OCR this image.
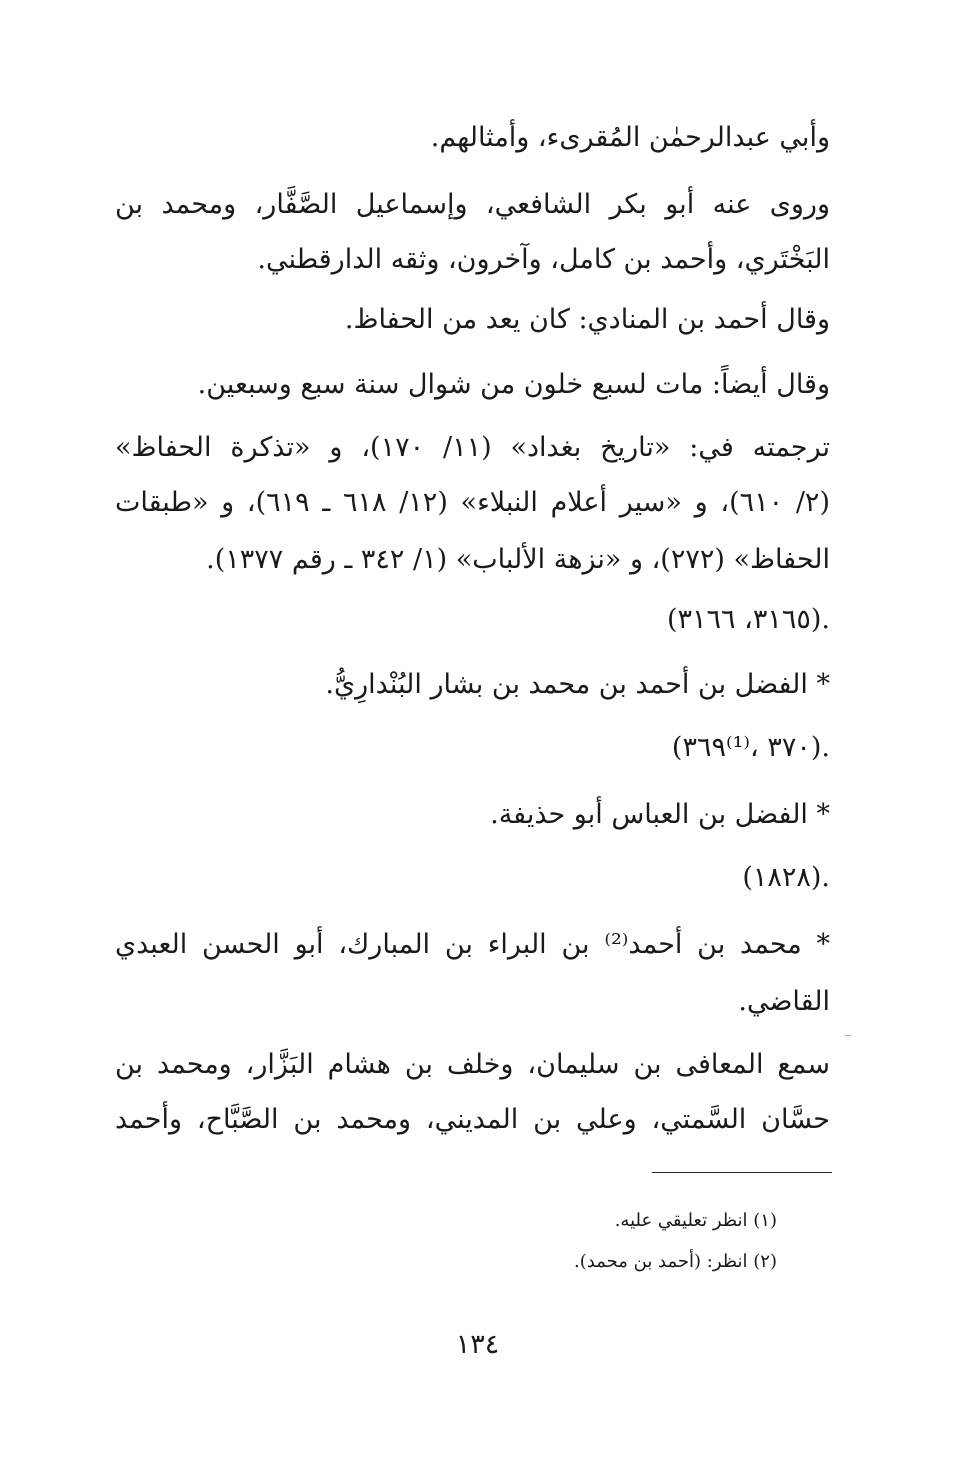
وأبي عبدالرحمٰن المُقرىء، وأمثالهم.
وروى عنه أبو بكر الشافعي، وإسماعيل الصَّفَّار، ومحمد بن
البَخْتَري، وأحمد بن كامل، وآخرون، وثقه الدارقطني.
وقال أحمد بن المنادي: كان يعد من الحفاظ.
وقال أيضاً: مات لسبع خلون من شوال سنة سبع وسبعين.
ترجمته في: «تاريخ بغداد» (١١/ ١٧٠)، و «تذكرة الحفاظ»
(٢/ ٦١٠)، و «سير أعلام النبلاء» (١٢/ ٦١٨ ـ ٦١٩)، و «طبقات
الحفاظ» (٢٧٢)، و «نزهة الألباب» (١/ ٣٤٢ ـ رقم ١٣٧٧).
(٣١٦٥، ٣١٦٦).
* الفضل بن أحمد بن محمد بن بشار البُنْدارِيُّ.
(٣٦٩⁽¹⁾، ٣٧٠).
* الفضل بن العباس أبو حذيفة.
(١٨٢٨).
* محمد بن أحمد⁽²⁾ بن البراء بن المبارك، أبو الحسن العبدي
القاضي.
سمع المعافى بن سليمان، وخلف بن هشام البَزَّار، ومحمد بن
حسَّان السَّمتي، وعلي بن المديني، ومحمد بن الصَّبَّاح، وأحمد
(١) انظر تعليقي عليه.
(٢) انظر: (أحمد بن محمد).
١٣٤
